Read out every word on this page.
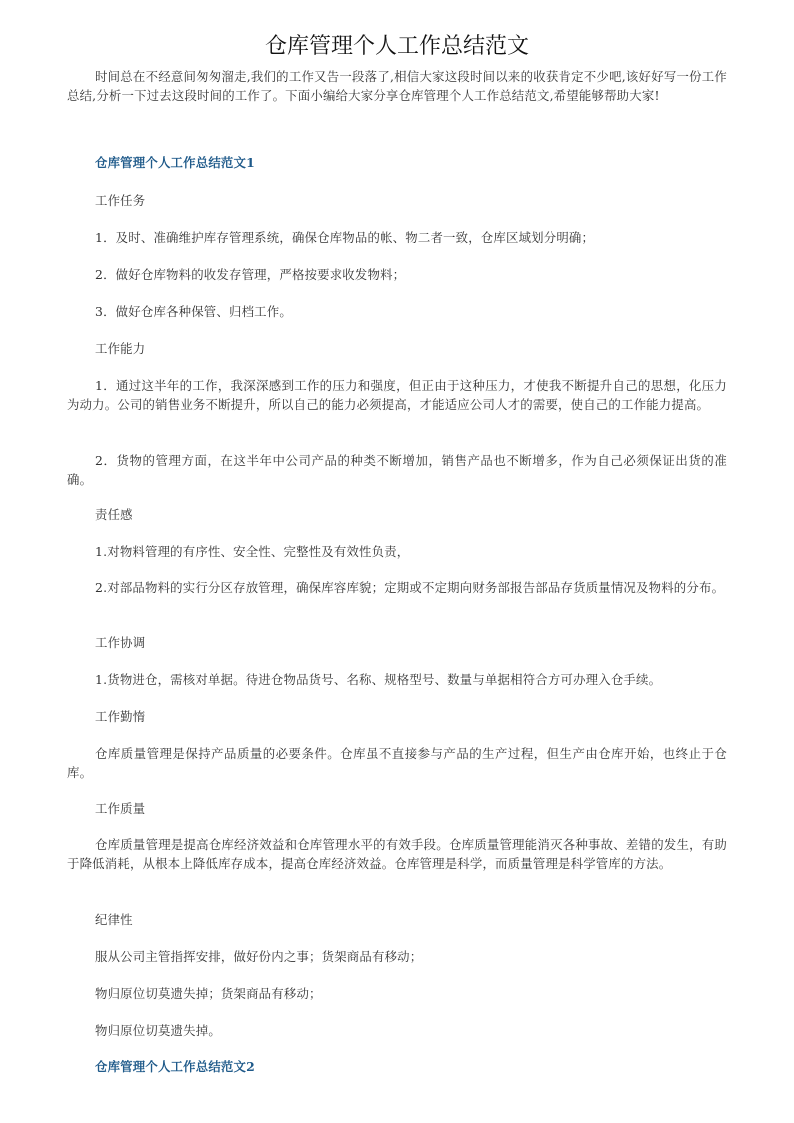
仓库管理个人工作总结范文

时间总在不经意间匆匆溜走,我们的工作又告一段落了,相信大家这段时间以来的收获肯定不少吧,该好好写一份工作总结,分析一下过去这段时间的工作了。下面小编给大家分享仓库管理个人工作总结范文,希望能够帮助大家!

仓库管理个人工作总结范文1

工作任务

1．及时、准确维护库存管理系统，确保仓库物品的帐、物二者一致，仓库区域划分明确；

2．做好仓库物料的收发存管理，严格按要求收发物料；

3．做好仓库各种保管、归档工作。

工作能力

1．通过这半年的工作，我深深感到工作的压力和强度，但正由于这种压力，才使我不断提升自己的思想，化压力为动力。公司的销售业务不断提升，所以自己的能力必须提高，才能适应公司人才的需要，使自己的工作能力提高。

2．货物的管理方面，在这半年中公司产品的种类不断增加，销售产品也不断增多，作为自己必须保证出货的准确。

责任感

1.对物料管理的有序性、安全性、完整性及有效性负责，

2.对部品物料的实行分区存放管理，确保库容库貌；定期或不定期向财务部报告部品存货质量情况及物料的分布。

工作协调

1.货物进仓，需核对单据。待进仓物品货号、名称、规格型号、数量与单据相符合方可办理入仓手续。

工作勤惰

仓库质量管理是保持产品质量的必要条件。仓库虽不直接参与产品的生产过程，但生产由仓库开始，也终止于仓库。

工作质量

仓库质量管理是提高仓库经济效益和仓库管理水平的有效手段。仓库质量管理能消灭各种事故、差错的发生，有助于降低消耗，从根本上降低库存成本，提高仓库经济效益。仓库管理是科学，而质量管理是科学管库的方法。

纪律性

服从公司主管指挥安排，做好份内之事；货架商品有移动；

物归原位切莫遗失掉；货架商品有移动；

物归原位切莫遗失掉。

仓库管理个人工作总结范文2
